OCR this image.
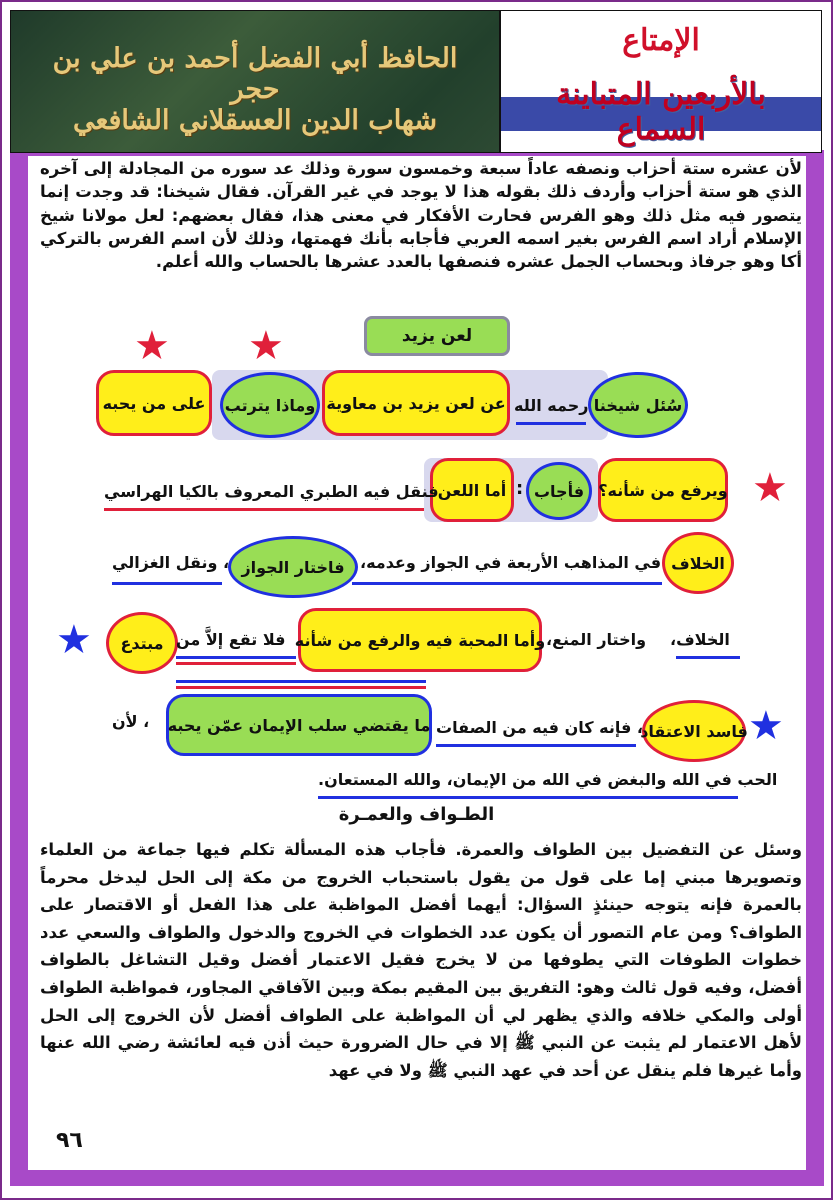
الحافظ أبي الفضل أحمد بن علي بن حجر
شهاب الدين العسقلاني الشافعي
الإمتاع
بالأربعين المتباينة السماع
لأن عشره ستة أحزاب ونصفه عاداً سبعة وخمسون سورة وذلك عد سوره من المجادلة إلى آخره الذي هو ستة أحزاب وأردف ذلك بقوله هذا لا يوجد في غير القرآن. فقال شيخنا: قد وجدت إنما يتصور فيه مثل ذلك وهو الفرس فحارت الأفكار في معنى هذا، فقال بعضهم: لعل مولانا شيخ الإسلام أراد اسم الفرس بغير اسمه العربي فأجابه بأنك فهمتها، وذلك لأن اسم الفرس بالتركي أكا وهو جرفاذ وبحساب الجمل عشره فنصفها بالعدد عشرها بالحساب والله أعلم.
لعن يزيد
★ ★
على من يحبه وماذا يترتب عن لعن يزيد بن معاوية رحمه الله سُئل شيخنا
★
ويرفع من شأنه؟
أما اللعن : فأجاب
فنقل فيه الطبري المعروف بالكيا الهراسي
الخلاف
في المذاهب الأربعة في الجواز وعدمه،
فاختار الجواز
، ونقل الغزالي
★ مبتدع فلا تقع إلاَّ من وأما المحبة فيه والرفع من شأنه واختار المنع، الخلاف،
★
فاسد الاعتقاد
، فإنه كان فيه من الصفات
ما يقتضي سلب الإيمان عمّن يحبه
، لأن
الحب في الله والبغض في الله من الإيمان، والله المستعان.
الطـواف والعمـرة
وسئل عن التفضيل بين الطواف والعمرة. فأجاب هذه المسألة تكلم فيها جماعة من العلماء وتصويرها مبني إما على قول من يقول باستحباب الخروج من مكة إلى الحل ليدخل محرماً بالعمرة فإنه يتوجه حينئذٍ السؤال: أيهما أفضل المواظبة على هذا الفعل أو الاقتصار على الطواف؟ ومن عام التصور أن يكون عدد الخطوات في الخروج والدخول والطواف والسعي عدد خطوات الطوفات التي يطوفها من لا يخرج فقيل الاعتمار أفضل وقيل التشاغل بالطواف أفضل، وفيه قول ثالث وهو: التفريق بين المقيم بمكة وبين الآفاقي المجاور، فمواظبة الطواف أولى والمكي خلافه والذي يظهر لي أن المواظبة على الطواف أفضل لأن الخروج إلى الحل لأهل الاعتمار لم يثبت عن النبي ﷺ إلا في حال الضرورة حيث أذن فيه لعائشة رضي الله عنها وأما غيرها فلم ينقل عن أحد في عهد النبي ﷺ ولا في عهد
٩٦
